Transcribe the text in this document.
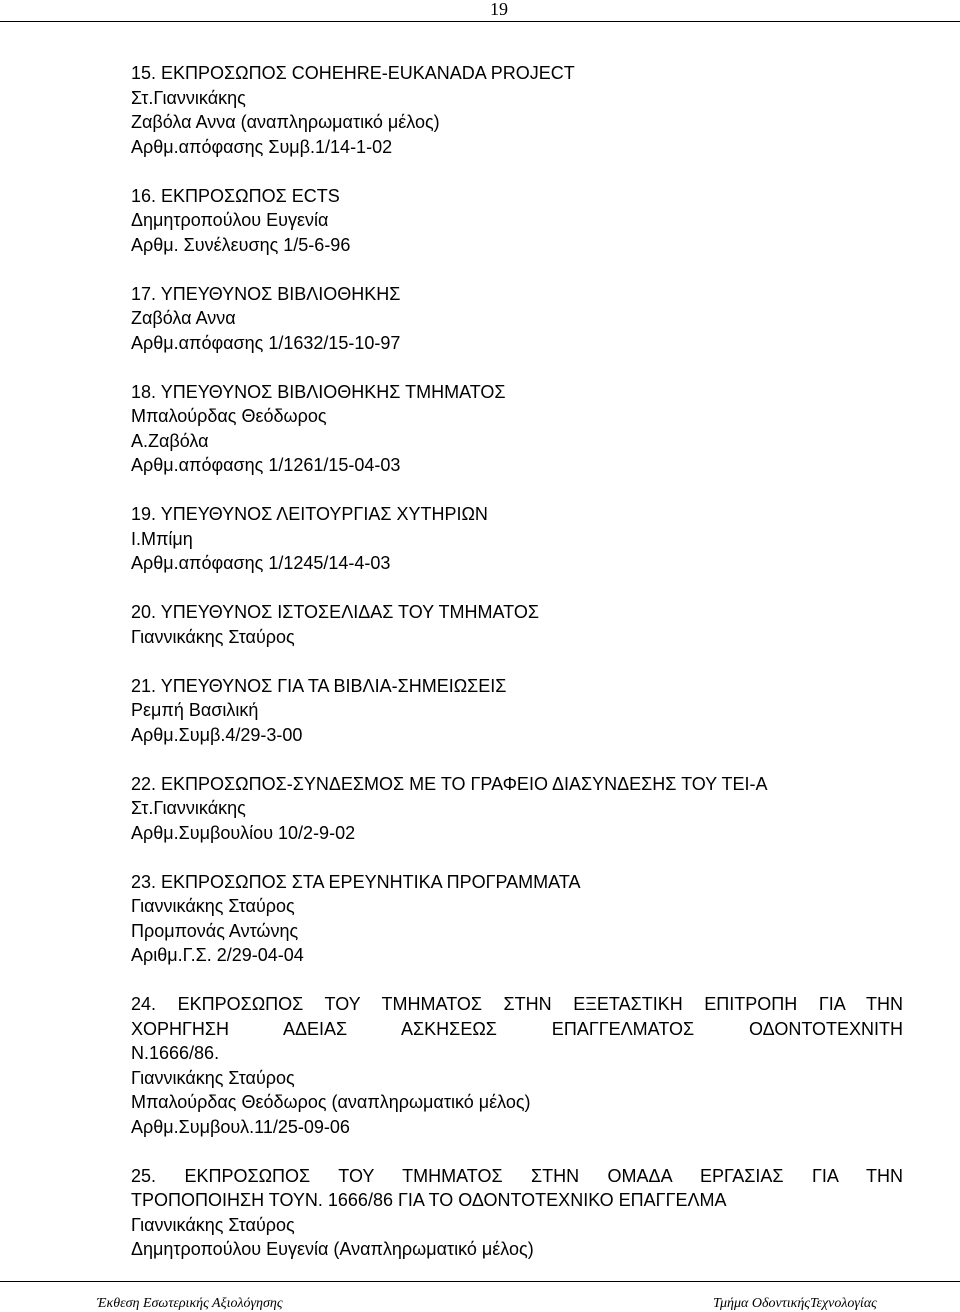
19
15. ΕΚΠΡΟΣΩΠΟΣ COHEHRE-EUKANADA PROJECT
Στ.Γιαννικάκης
Ζαβόλα Αννα (αναπληρωματικό μέλος)
Αρθμ.απόφασης Συμβ.1/14-1-02
16. ΕΚΠΡΟΣΩΠΟΣ ECTS
Δημητροπούλου Ευγενία
Αρθμ. Συνέλευσης 1/5-6-96
17. ΥΠΕΥΘΥΝΟΣ ΒΙΒΛΙΟΘΗΚΗΣ
Ζαβόλα Αννα
Αρθμ.απόφασης 1/1632/15-10-97
18. ΥΠΕΥΘΥΝΟΣ ΒΙΒΛΙΟΘΗΚΗΣ ΤΜΗΜΑΤΟΣ
Μπαλούρδας Θεόδωρος
Α.Ζαβόλα
Αρθμ.απόφασης 1/1261/15-04-03
19. ΥΠΕΥΘΥΝΟΣ ΛΕΙΤΟΥΡΓΙΑΣ ΧΥΤΗΡΙΩΝ
Ι.Μπίμη
Αρθμ.απόφασης 1/1245/14-4-03
20. ΥΠΕΥΘΥΝΟΣ ΙΣΤΟΣΕΛΙΔΑΣ ΤΟΥ ΤΜΗΜΑΤΟΣ
Γιαννικάκης Σταύρος
21. ΥΠΕΥΘΥΝΟΣ ΓΙΑ ΤΑ ΒΙΒΛΙΑ-ΣΗΜΕΙΩΣΕΙΣ
Ρεμπή Βασιλική
Αρθμ.Συμβ.4/29-3-00
22. ΕΚΠΡΟΣΩΠΟΣ-ΣΥΝΔΕΣΜΟΣ ΜΕ ΤΟ ΓΡΑΦΕΙΟ ΔΙΑΣΥΝΔΕΣΗΣ ΤΟΥ ΤΕΙ-Α
Στ.Γιαννικάκης
Αρθμ.Συμβουλίου 10/2-9-02
23. ΕΚΠΡΟΣΩΠΟΣ ΣΤΑ ΕΡΕΥΝΗΤΙΚΑ ΠΡΟΓΡΑΜΜΑΤΑ
Γιαννικάκης Σταύρος
Προμπονάς Αντώνης
Αριθμ.Γ.Σ. 2/29-04-04
24. ΕΚΠΡΟΣΩΠΟΣ ΤΟΥ ΤΜΗΜΑΤΟΣ ΣΤΗΝ ΕΞΕΤΑΣΤΙΚΗ ΕΠΙΤΡΟΠΗ ΓΙΑ ΤΗΝ
ΧΟΡΗΓΗΣΗ ΑΔΕΙΑΣ ΑΣΚΗΣΕΩΣ ΕΠΑΓΓΕΛΜΑΤΟΣ ΟΔΟΝΤΟΤΕΧΝΙΤΗ
Ν.1666/86.
Γιαννικάκης Σταύρος
Μπαλούρδας Θεόδωρος (αναπληρωματικό μέλος)
Αρθμ.Συμβουλ.11/25-09-06
25. ΕΚΠΡΟΣΩΠΟΣ ΤΟΥ ΤΜΗΜΑΤΟΣ ΣΤΗΝ ΟΜΑΔΑ ΕΡΓΑΣΙΑΣ ΓΙΑ ΤΗΝ
ΤΡΟΠΟΠΟΙΗΣΗ ΤΟΥΝ. 1666/86 ΓΙΑ ΤΟ ΟΔΟΝΤΟΤΕΧΝΙΚΟ ΕΠΑΓΓΕΛΜΑ
Γιαννικάκης Σταύρος
Δημητροπούλου Ευγενία (Αναπληρωματικό μέλος)
Έκθεση Εσωτερικής Αξιολόγησης	Τμήμα ΟδοντικήςΤεχνολογίας
